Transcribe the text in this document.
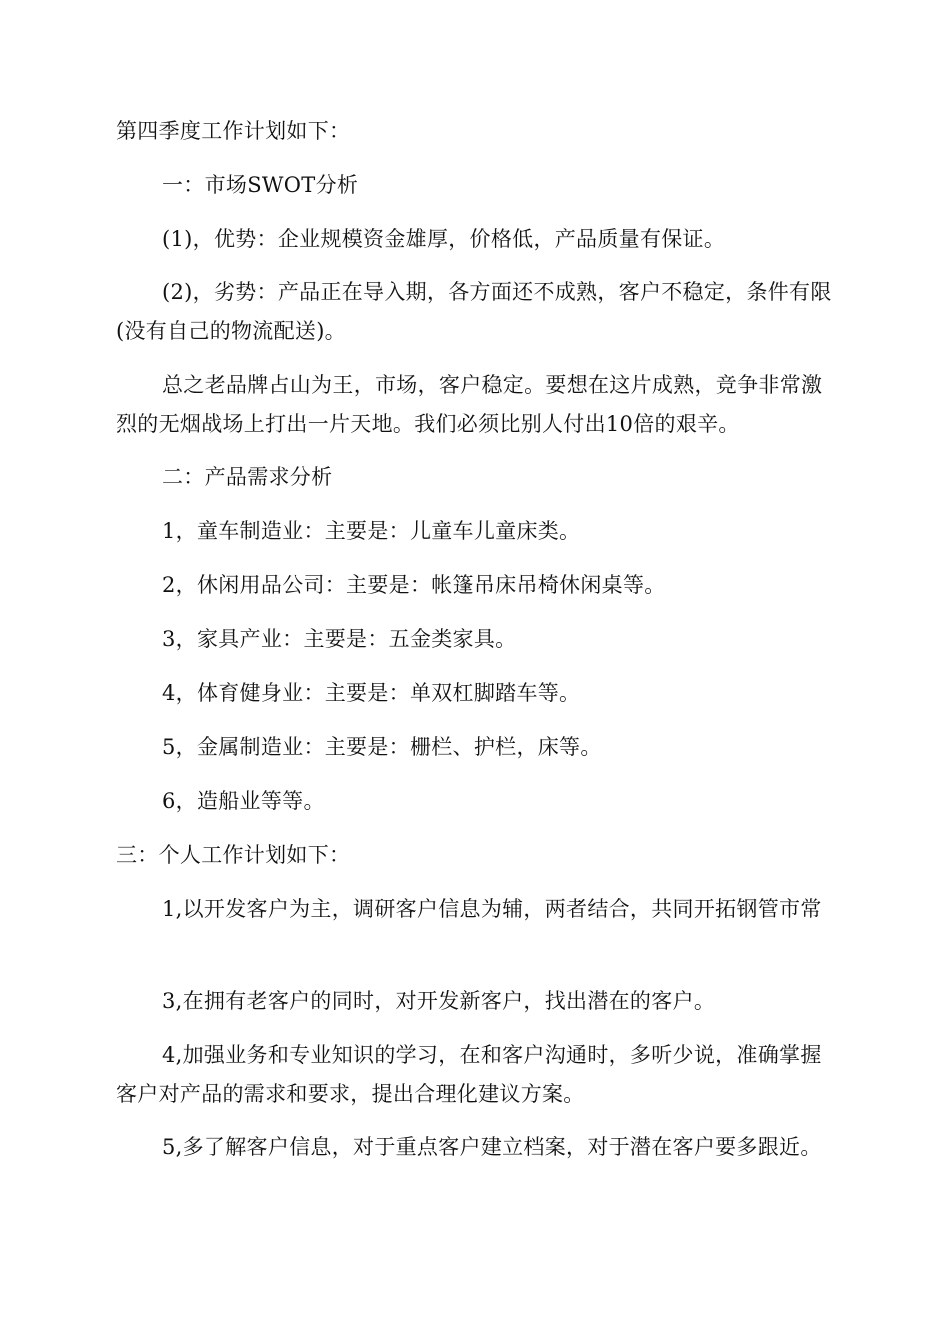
第四季度工作计划如下：

一：市场SWOT分析

(1)，优势：企业规模资金雄厚，价格低，产品质量有保证。

(2)，劣势：产品正在导入期，各方面还不成熟，客户不稳定，条件有限(没有自己的物流配送)。

总之老品牌占山为王，市场，客户稳定。要想在这片成熟，竞争非常激烈的无烟战场上打出一片天地。我们必须比别人付出10倍的艰辛。

二：产品需求分析

1，童车制造业：主要是：儿童车儿童床类。

2，休闲用品公司：主要是：帐篷吊床吊椅休闲桌等。

3，家具产业：主要是：五金类家具。

4，体育健身业：主要是：单双杠脚踏车等。

5，金属制造业：主要是：栅栏、护栏，床等。

6，造船业等等。

三：个人工作计划如下：

1,以开发客户为主，调研客户信息为辅，两者结合，共同开拓钢管市常

3,在拥有老客户的同时，对开发新客户，找出潜在的客户。

4,加强业务和专业知识的学习，在和客户沟通时，多听少说，准确掌握客户对产品的需求和要求，提出合理化建议方案。

5,多了解客户信息，对于重点客户建立档案，对于潜在客户要多跟近。
